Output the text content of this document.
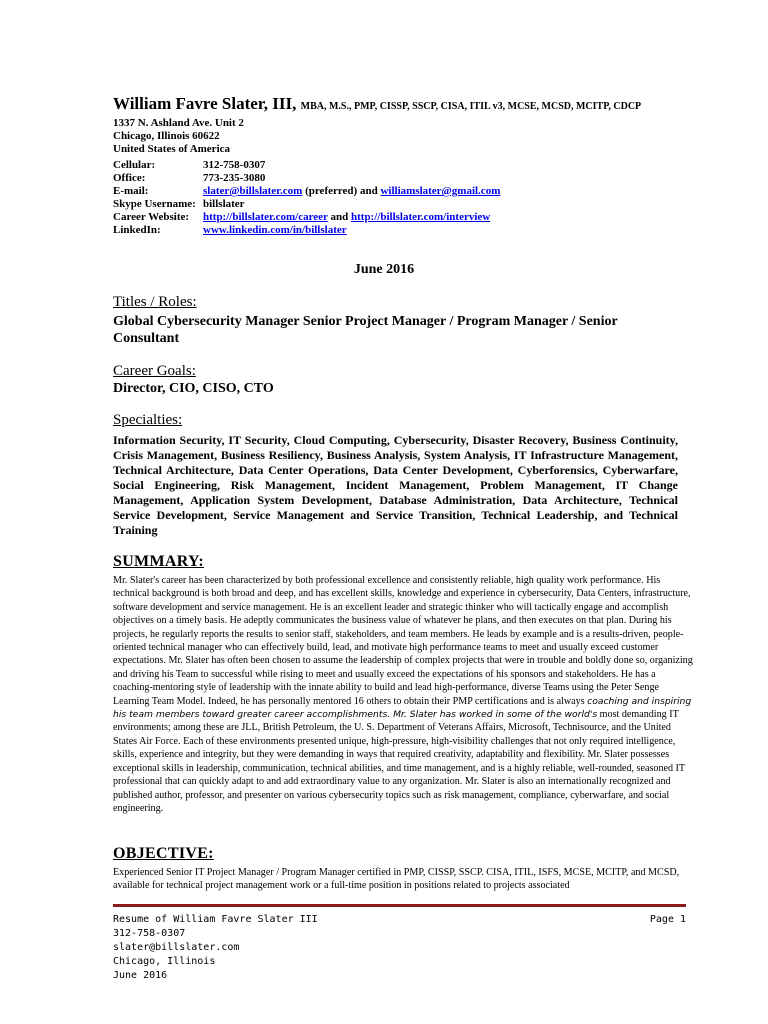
William Favre Slater, III, MBA, M.S., PMP, CISSP, SSCP, CISA, ITIL v3, MCSE, MCSD, MCITP, CDCP
1337 N. Ashland Ave. Unit 2
Chicago, Illinois 60622
United States of America
Cellular:	312-758-0307
Office:	773-235-3080
E-mail:	slater@billslater.com (preferred) and williamslater@gmail.com
Skype Username: billslater
Career Website:	http://billslater.com/career and http://billslater.com/interview
LinkedIn:	www.linkedin.com/in/billslater
June 2016
Titles / Roles:
Global Cybersecurity Manager Senior Project Manager / Program Manager / Senior Consultant
Career Goals:
Director, CIO, CISO, CTO
Specialties:
Information Security, IT Security, Cloud Computing, Cybersecurity, Disaster Recovery, Business Continuity, Crisis Management, Business Resiliency, Business Analysis, System Analysis, IT Infrastructure Management, Technical Architecture, Data Center Operations, Data Center Development, Cyberforensics, Cyberwarfare, Social Engineering, Risk Management, Incident Management, Problem Management, IT Change Management, Application System Development, Database Administration, Data Architecture, Technical Service Development, Service Management and Service Transition, Technical Leadership, and Technical Training
SUMMARY:

Mr. Slater's career has been characterized by both professional excellence and consistently reliable, high quality work performance. His technical background is both broad and deep, and has excellent skills, knowledge and experience in cybersecurity, Data Centers, infrastructure, software development and service management. He is an excellent leader and strategic thinker who will tactically engage and accomplish objectives on a timely basis. He adeptly communicates the business value of whatever he plans, and then executes on that plan. During his projects, he regularly reports the results to senior staff, stakeholders, and team members. He leads by example and is a results-driven, people-oriented technical manager who can effectively build, lead, and motivate high performance teams to meet and usually exceed customer expectations. Mr. Slater has often been chosen to assume the leadership of complex projects that were in trouble and boldly done so, organizing and driving his Team to successful while rising to meet and usually exceed the expectations of his sponsors and stakeholders. He has a coaching-mentoring style of leadership with the innate ability to build and lead high-performance, diverse Teams using the Peter Senge Learning Team Model. Indeed, he has personally mentored 16 others to obtain their PMP certifications and is always coaching and inspiring his team members toward greater career accomplishments. Mr. Slater has worked in some of the world's most demanding IT environments; among these are JLL, British Petroleum, the U. S. Department of Veterans Affairs, Microsoft, Technisource, and the United States Air Force. Each of these environments presented unique, high-pressure, high-visibility challenges that not only required intelligence, skills, experience and integrity, but they were demanding in ways that required creativity, adaptability and flexibility. Mr. Slater possesses exceptional skills in leadership, communication, technical abilities, and time management, and is a highly reliable, well-rounded, seasoned IT professional that can quickly adapt to and add extraordinary value to any organization. Mr. Slater is also an internationally recognized and published author, professor, and presenter on various cybersecurity topics such as risk management, compliance, cyberwarfare, and social engineering.

OBJECTIVE:

Experienced Senior IT Project Manager / Program Manager certified in PMP, CISSP, SSCP. CISA, ITIL, ISFS, MCSE, MCITP, and MCSD, available for technical project management work or a full-time position in positions related to projects associated

Resume of William Favre Slater III	Page 1
312-758-0307
slater@billslater.com
Chicago, Illinois
June 2016
